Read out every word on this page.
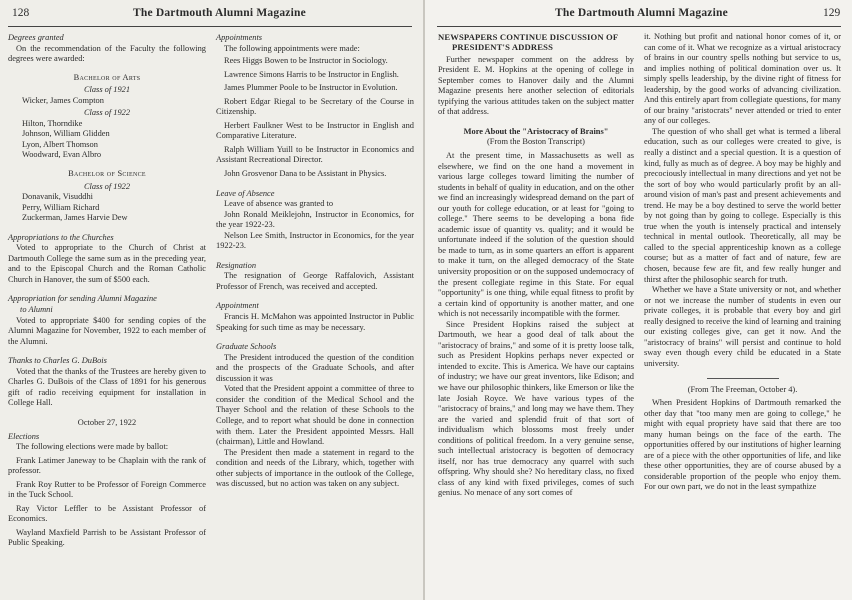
128	The Dartmouth Alumni Magazine
Degrees granted

On the recommendation of the Faculty the following degrees were awarded:

Bachelor of Arts
Class of 1921
Wicker, James Compton
Class of 1922
Hilton, Thorndike
Johnson, William Glidden
Lyon, Albert Thomson
Woodward, Evan Albro
Bachelor of Science
Class of 1922
Donavanik, Visuddhi
Perry, William Richard
Zuckerman, James Harvie Dew
Appropriations to the Churches

Voted to appropriate to the Church of Christ at Dartmouth College the same sum as in the preceding year, and to the Episcopal Church and the Roman Catholic Church in Hanover, the sum of $500 each.

Appropriation for sending Alumni Magazine
to Alumni

Voted to appropriate $400 for sending copies of the Alumni Magazine for November, 1922 to each member of the Alumni.

Thanks to Charles G. DuBois

Voted that the thanks of the Trustees are hereby given to Charles G. DuBois of the Class of 1891 for his generous gift of radio receiving equipment for installation in College Hall.

October 27, 1922
Elections

The following elections were made by ballot:

Frank Latimer Janeway to be Chaplain with the rank of professor.

Frank Roy Rutter to be Professor of Foreign Commerce in the Tuck School.

Ray Victor Leffler to be Assistant Professor of Economics.

Wayland Maxfield Parrish to be Assistant Professor of Public Speaking.

Appointments

The following appointments were made:

Rees Higgs Bowen to be Instructor in Sociology.

Lawrence Simons Harris to be Instructor in English.

James Plummer Poole to be Instructor in Evolution.

Robert Edgar Riegal to be Secretary of the Course in Citizenship.

Herbert Faulkner West to be Instructor in English and Comparative Literature.

Ralph William Yuill to be Instructor in Economics and Assistant Recreational Director.

John Grosvenor Dana to be Assistant in Physics.

Leave of Absence

Leave of absence was granted to

John Ronald Meiklejohn, Instructor in Economics, for the year 1922-23.

Nelson Lee Smith, Instructor in Economics, for the year 1922-23.

Resignation

The resignation of George Raffalovich, Assistant Professor of French, was received and accepted.

Appointment

Francis H. McMahon was appointed Instructor in Public Speaking for such time as may be necessary.

Graduate Schools

The President introduced the question of the condition and the prospects of the Graduate Schools, and after discussion it was

Voted that the President appoint a committee of three to consider the condition of the Medical School and the Thayer School and the relation of these Schools to the College, and to report what should be done in connection with them. Later the President appointed Messrs. Hall (chairman), Little and Howland.

The President then made a statement in regard to the condition and needs of the Library, which, together with other subjects of importance in the outlook of the College, was discussed, but no action was taken on any subject.

The Dartmouth Alumni Magazine	129
NEWSPAPERS CONTINUE DISCUSSION OF PRESIDENT'S ADDRESS

Further newspaper comment on the address by President E. M. Hopkins at the opening of college in September comes to Hanover daily and the Alumni Magazine presents here another selection of editorials typifying the various attitudes taken on the subject matter of that address.

More About the "Aristocracy of Brains"
(From the Boston Transcript)

At the present time, in Massachusetts as well as elsewhere, we find on the one hand a movement in various large colleges toward limiting the number of students in behalf of quality in education, and on the other we find an increasingly widespread demand on the part of our youth for college education, or at least for "going to college." There seems to be developing a bona fide academic issue of quantity vs. quality; and it would be unfortunate indeed if the solution of the question should be made to turn, as in some quarters an effort is apparent to make it turn, on the alleged democracy of the State university proposition or on the supposed undemocracy of the present collegiate regime in this State. For equal "opportunity" is one thing, while equal fitness to profit by a certain kind of opportunity is another matter, and one which is not necessarily incompatible with the former.

Since President Hopkins raised the subject at Dartmouth, we hear a good deal of talk about the "aristocracy of brains," and some of it is pretty loose talk, such as President Hopkins perhaps never expected or intended to excite. This is America. We have our captains of industry; we have our great inventors, like Edison; and we have our philosophic thinkers, like Emerson or like the late Josiah Royce. We have various types of the "aristocracy of brains," and long may we have them. They are the varied and splendid fruit of that sort of individualism which blossoms most freely under conditions of political freedom. In a very genuine sense, such intellectual aristocracy is begotten of democracy itself, nor has true democracy any quarrel with such offspring. Why should she? No hereditary class, no fixed class of any kind with fixed privileges, comes of such genius. No menace of any sort comes of

it. Nothing but profit and national honor comes of it, or can come of it. What we recognize as a virtual aristocracy of brains in our country spells nothing but service to us, and implies nothing of political domination over us. It simply spells leadership, by the divine right of fitness for leadership, by the good works of advancing civilization. And this entirely apart from collegiate questions, for many of our brainy "aristocrats" never attended or tried to enter any of our colleges.

The question of who shall get what is termed a liberal education, such as our colleges were created to give, is really a distinct and a special question. It is a question of kind, fully as much as of degree. A boy may be highly and precociously intellectual in many directions and yet not be the sort of boy who would particularly profit by an all-around vision of man's past and present achievements and trend. He may be a boy destined to serve the world better by not going than by going to college. Especially is this true when the youth is intensely practical and intensely technical in mental outlook. Theoretically, all may be called to the special apprenticeship known as a college course; but as a matter of fact and of nature, few are chosen, because few are fit, and few really hunger and thirst after the philosophic search for truth.

Whether we have a State university or not, and whether or not we increase the number of students in even our private colleges, it is probable that every boy and girl really designed to receive the kind of learning and training our existing colleges give, can get it now. And the "aristocracy of brains" will persist and continue to hold sway even though every child be educated in a State university.

(From The Freeman, October 4).

When President Hopkins of Dartmouth remarked the other day that "too many men are going to college," he might with equal propriety have said that there are too many human beings on the face of the earth. The opportunities offered by our institutions of higher learning are of a piece with the other opportunities of life, and like these other opportunities, they are of course abused by a considerable proportion of the people who enjoy them. For our own part, we do not in the least sympathize
